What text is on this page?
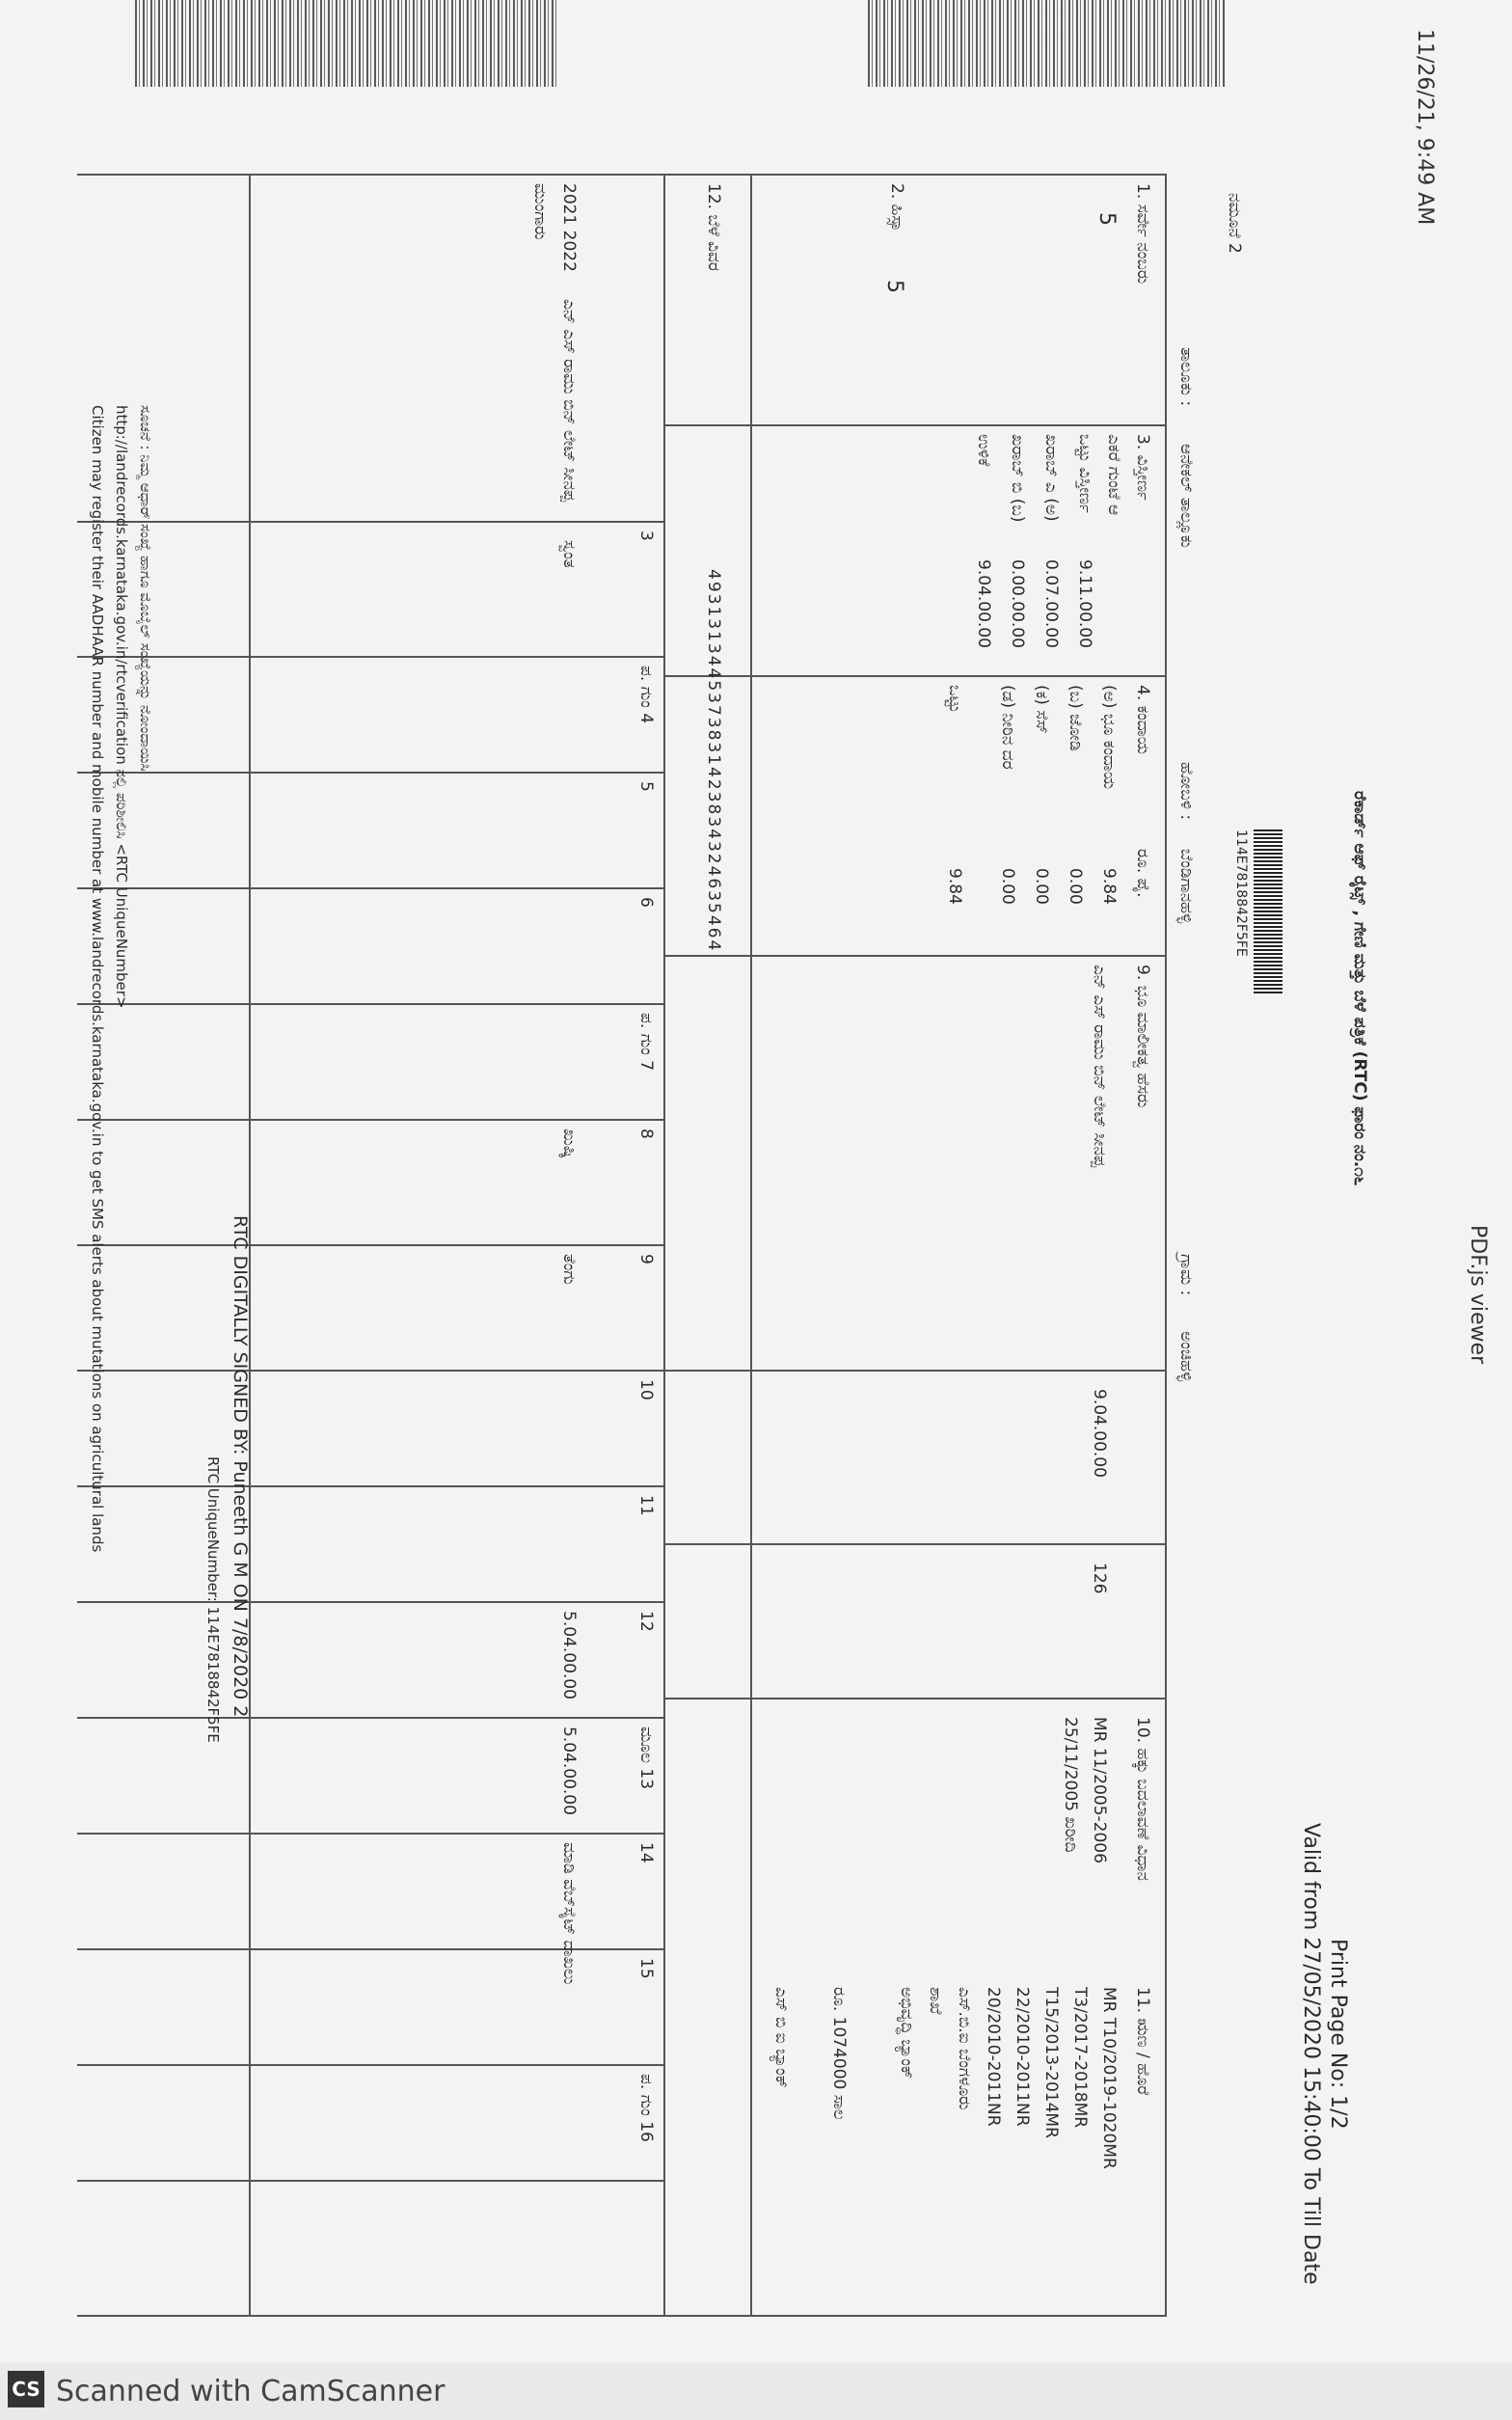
11/26/21, 9:49 AM
PDF.js viewer
ರೆಕಾರ್ಡ್ ಆಫ್ ರೈಟ್ಸ್ , ಗೇಣಿ ಮತ್ತು ಬೆಳೆ ಪತ್ರಿಕೆ (RTC) ಫಾರಂ ನಂ.೧೬
Print Page No: 1/2
Valid from 27/05/2020 15:40:00 To Till Date
ನಮೂನೆ 2
114E7818842F5FE
ತಾಲೂಕು :
ಆನೇಕಲ್ ತಾಲ್ಲೂಕು
ಹೋಬಳಿ :
ಬೆಂಡಿಗಾನಹಳ್ಳಿ
ಗ್ರಾಮ :
ಅಂಚಿಹಳ್ಳಿ
1. ಸರ್ವೇ ನಂಬರು
5
2. ಹಿಸ್ಸಾ
5
3. ವಿಸ್ತೀರ್ಣ
ಎಕರೆ ಗುಂಟೆ ಆ
ಒಟ್ಟು ವಿಸ್ತೀರ್ಣ
9.11.00.00
ಖರಾಬ್ ಎ (ಅ)
0.07.00.00
ಖರಾಬ್ ಬಿ (ಬ)
0.00.00.00
ಉಳಿಕೆ
9.04.00.00
4. ಕಂದಾಯ
ರೂ. ಪೈ.
(ಅ) ಭೂ ಕಂದಾಯ
9.84
(ಬ) ಜೋಡಿ
0.00
(ಕ) ಸೆಸ್
0.00
(ಡ) ನೀರಿನ ದರ
0.00
ಒಟ್ಟು
9.84
9. ಭೂ ಮಾಲೀಕತ್ವ ಹೆಸರು
ಎನ್ ಎಸ್ ರಾಮು ಬಿನ್ ಲೇಟ್ ಸೀನಪ್ಪ
9.04.00.00
126
10. ಹಕ್ಕು ಬದಲಾವಣೆ ವಿಧಾನ
MR 11/2005-2006
25/11/2005 ಖರೀದಿ
11. ಋಣ / ಹೊರೆ
MR T10/2019-1020MR
T3/2017-2018MR
T15/2013-2014MR
22/2010-2011NR
20/2010-2011NR
ಎಸ್.ಬಿ.ಐ ಬೆಂಗಳೂರು
ಶಾಖೆ
ಅಭಿವೃದ್ಧಿ ಬ್ಯಾಂಕ್
ರೂ. 1074000 ಸಾಲ
ಎಸ್ ಬಿ ಐ ಬ್ಯಾಂಕ್
12. ಬೆಳೆ ವಿವರ
3
ಪ. ಗುಂ 4
5
6
ಪ. ಗುಂ 7
8
9
10
11
12
ಮೂಲ 13
14
15
ಪ. ಗುಂ 16
2021 2022
ಮುಂಗಾರು
ಎನ್ ಎಸ್ ರಾಮು ಬಿನ್ ಲೇಟ್ ಸೀನಪ್ಪ
ಸ್ವಂತ
ಖುಷ್ಕಿ
ತೆಂಗು
5.04.00.00
5.04.00.00
ಮಾಡಿ ವೆಬ್‌ಸೈಟ್ ದಾಖಲು
4931313445373831423834324635464
RTC DIGITALLY SIGNED BY: Puneeth G M ON 7/8/2020 2
RTC UniqueNumber: 114E7818842F5FE
ಸೂಚನೆ : ನಿಮ್ಮ ಆಧಾರ್ ಸಂಖ್ಯೆ ಹಾಗೂ ಮೊಬೈಲ್ ಸಂಖ್ಯೆಯನ್ನು ನೋಂದಾಯಿಸಿ
http://landrecords.karnataka.gov.in/rtcverification ನಲ್ಲಿ ಪರಿಶೀಲಿಸಿ <RTC UniqueNumber>
Citizen may register their AADHAAR number and mobile number at www.landrecords.karnataka.gov.in to get SMS alerts about mutations on agricultural lands
CS Scanned with CamScanner
